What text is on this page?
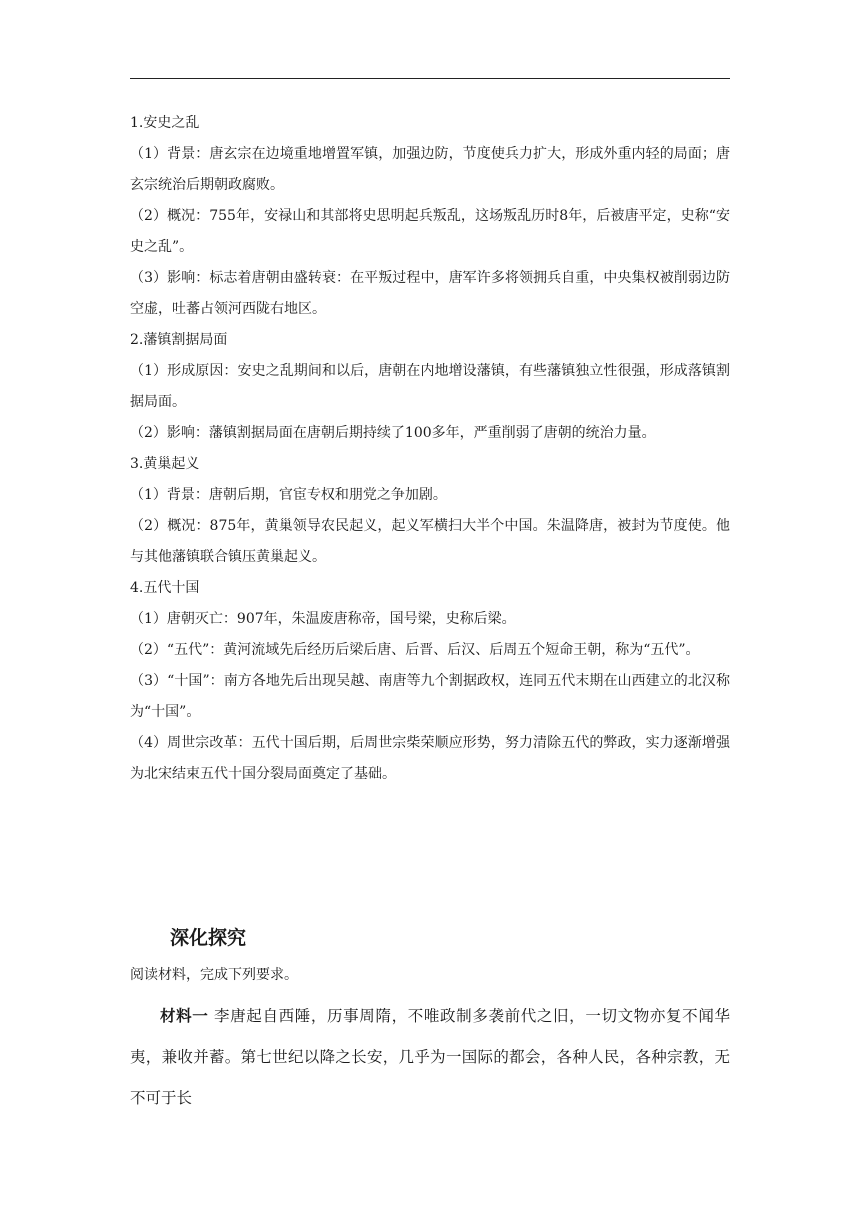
1.安史之乱

（1）背景：唐玄宗在边境重地增置军镇，加强边防，节度使兵力扩大，形成外重内轻的局面；唐玄宗统治后期朝政腐败。

（2）概况：755年，安禄山和其部将史思明起兵叛乱，这场叛乱历时8年，后被唐平定，史称“安史之乱”。

（3）影响：标志着唐朝由盛转衰：在平叛过程中，唐军许多将领拥兵自重，中央集权被削弱边防空虚，吐蕃占领河西陇右地区。

2.藩镇割据局面

（1）形成原因：安史之乱期间和以后，唐朝在内地增设藩镇，有些藩镇独立性很强，形成落镇割据局面。

（2）影响：藩镇割据局面在唐朝后期持续了100多年，严重削弱了唐朝的统治力量。

3.黄巢起义

（1）背景：唐朝后期，官宦专权和朋党之争加剧。

（2）概况：875年，黄巢领导农民起义，起义军横扫大半个中国。朱温降唐，被封为节度使。他与其他藩镇联合镇压黄巢起义。

4.五代十国

（1）唐朝灭亡：907年，朱温废唐称帝，国号梁，史称后梁。

（2）“五代”：黄河流域先后经历后梁后唐、后晋、后汉、后周五个短命王朝，称为“五代”。

（3）“十国”：南方各地先后出现吴越、南唐等九个割据政权，连同五代末期在山西建立的北汉称为“十国”。

（4）周世宗改革：五代十国后期，后周世宗柴荣顺应形势，努力清除五代的弊政，实力逐渐增强为北宋结束五代十国分裂局面奠定了基础。

深化探究

阅读材料，完成下列要求。

材料一 李唐起自西陲，历事周隋，不唯政制多袭前代之旧，一切文物亦复不闻华夷，兼收并蓄。第七世纪以降之长安，几乎为一国际的都会，各种人民，各种宗教，无不可于长
